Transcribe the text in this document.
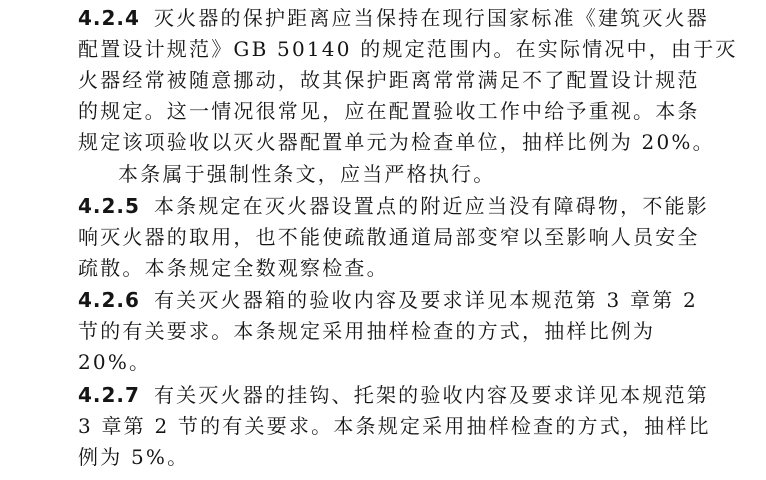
4.2.4 灭火器的保护距离应当保持在现行国家标准《建筑灭火器
配置设计规范》GB 50140 的规定范围内。在实际情况中，由于灭
火器经常被随意挪动，故其保护距离常常满足不了配置设计规范
的规定。这一情况很常见，应在配置验收工作中给予重视。本条
规定该项验收以灭火器配置单元为检查单位，抽样比例为 20%。
本条属于强制性条文，应当严格执行。
4.2.5 本条规定在灭火器设置点的附近应当没有障碍物，不能影
响灭火器的取用，也不能使疏散通道局部变窄以至影响人员安全
疏散。本条规定全数观察检查。
4.2.6 有关灭火器箱的验收内容及要求详见本规范第 3 章第 2
节的有关要求。本条规定采用抽样检查的方式，抽样比例为
20%。
4.2.7 有关灭火器的挂钩、托架的验收内容及要求详见本规范第
3 章第 2 节的有关要求。本条规定采用抽样检查的方式，抽样比
例为 5%。
